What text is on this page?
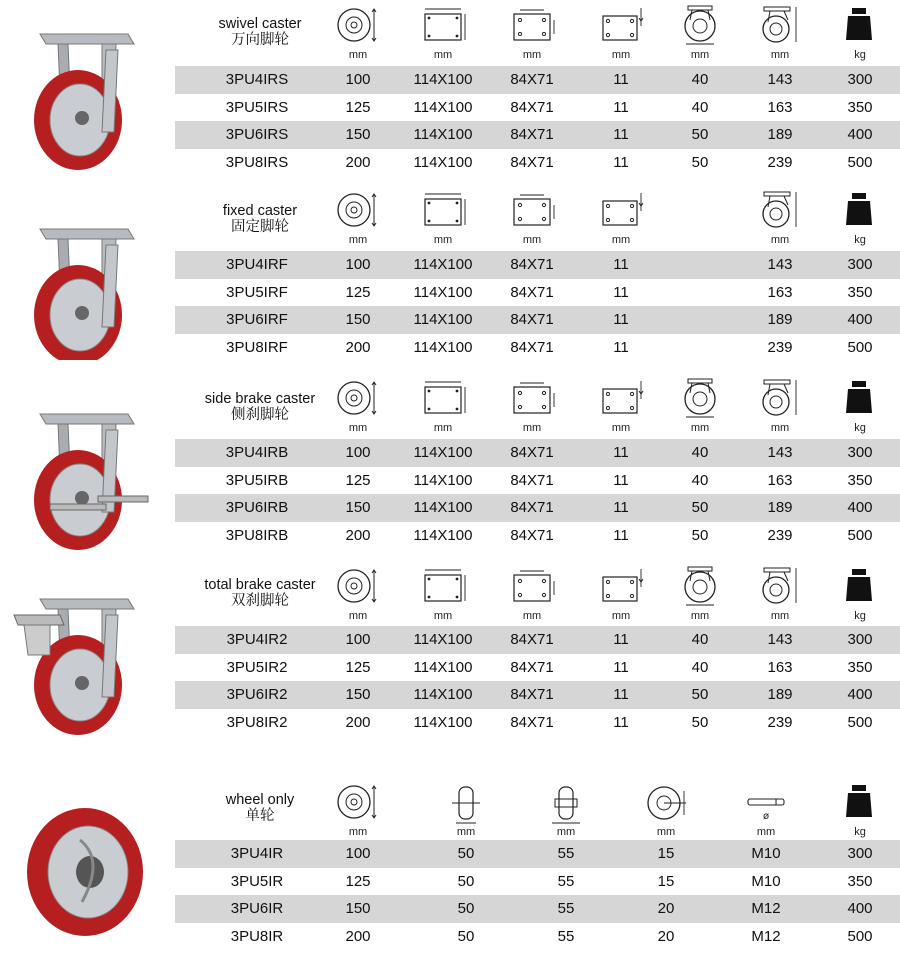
swivel caster
万向脚轮
mm	mm	mm	mm	mm	mm	kg
3PU4IRS	100	114X100	84X71	11	40	143	300
3PU5IRS	125	114X100	84X71	11	40	163	350
3PU6IRS	150	114X100	84X71	11	50	189	400
3PU8IRS	200	114X100	84X71	11	50	239	500
fixed caster
固定脚轮
mm	mm	mm	mm	mm	kg
3PU4IRF	100	114X100	84X71	11	143	300
3PU5IRF	125	114X100	84X71	11	163	350
3PU6IRF	150	114X100	84X71	11	189	400
3PU8IRF	200	114X100	84X71	11	239	500
side brake caster
侧刹脚轮
mm	mm	mm	mm	mm	mm	kg
3PU4IRB	100	114X100	84X71	11	40	143	300
3PU5IRB	125	114X100	84X71	11	40	163	350
3PU6IRB	150	114X100	84X71	11	50	189	400
3PU8IRB	200	114X100	84X71	11	50	239	500
total brake caster
双刹脚轮
mm	mm	mm	mm	mm	mm	kg
3PU4IR2	100	114X100	84X71	11	40	143	300
3PU5IR2	125	114X100	84X71	11	40	163	350
3PU6IR2	150	114X100	84X71	11	50	189	400
3PU8IR2	200	114X100	84X71	11	50	239	500
wheel only
单轮
mm	mm	mm	mm
ø
mm	kg
3PU4IR	100	50	55	15	M10	300
3PU5IR	125	50	55	15	M10	350
3PU6IR	150	50	55	20	M12	400
3PU8IR	200	50	55	20	M12	500
